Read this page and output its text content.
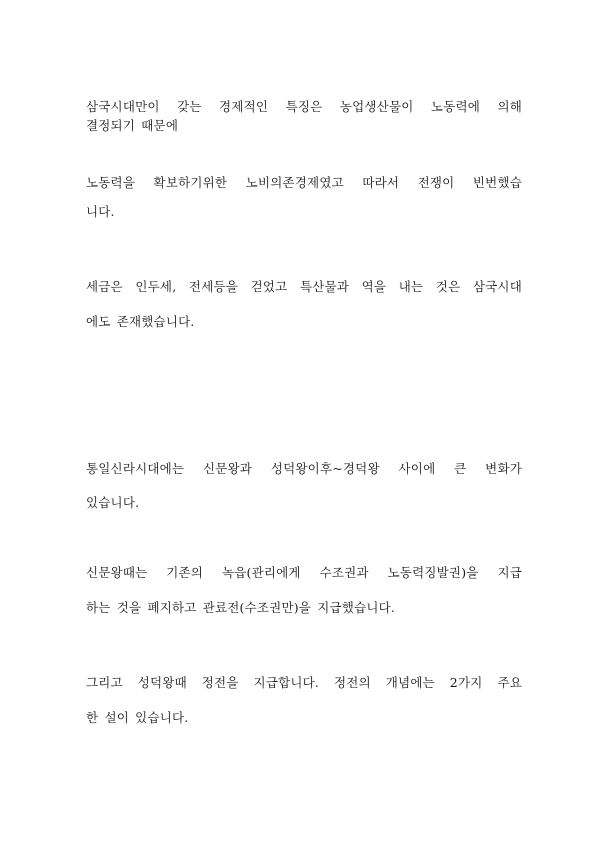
삼국시대만이 갖는 경제적인 특징은 농업생산물이 노동력에 의해

결정되기 때문에

노동력을 확보하기위한 노비의존경제였고 따라서 전쟁이 빈번했습

니다.

세금은 인두세, 전세등을 걷었고 특산물과 역을 내는 것은 삼국시대

에도 존재했습니다.

통일신라시대에는 신문왕과 성덕왕이후~경덕왕 사이에 큰 변화가

있습니다.

신문왕때는 기존의 녹읍(관리에게 수조권과 노동력징발권)을 지급

하는 것을 폐지하고 관료전(수조권만)을 지급했습니다.

그리고 성덕왕때 정전을 지급합니다. 정전의 개념에는 2가지 주요

한 설이 있습니다.
